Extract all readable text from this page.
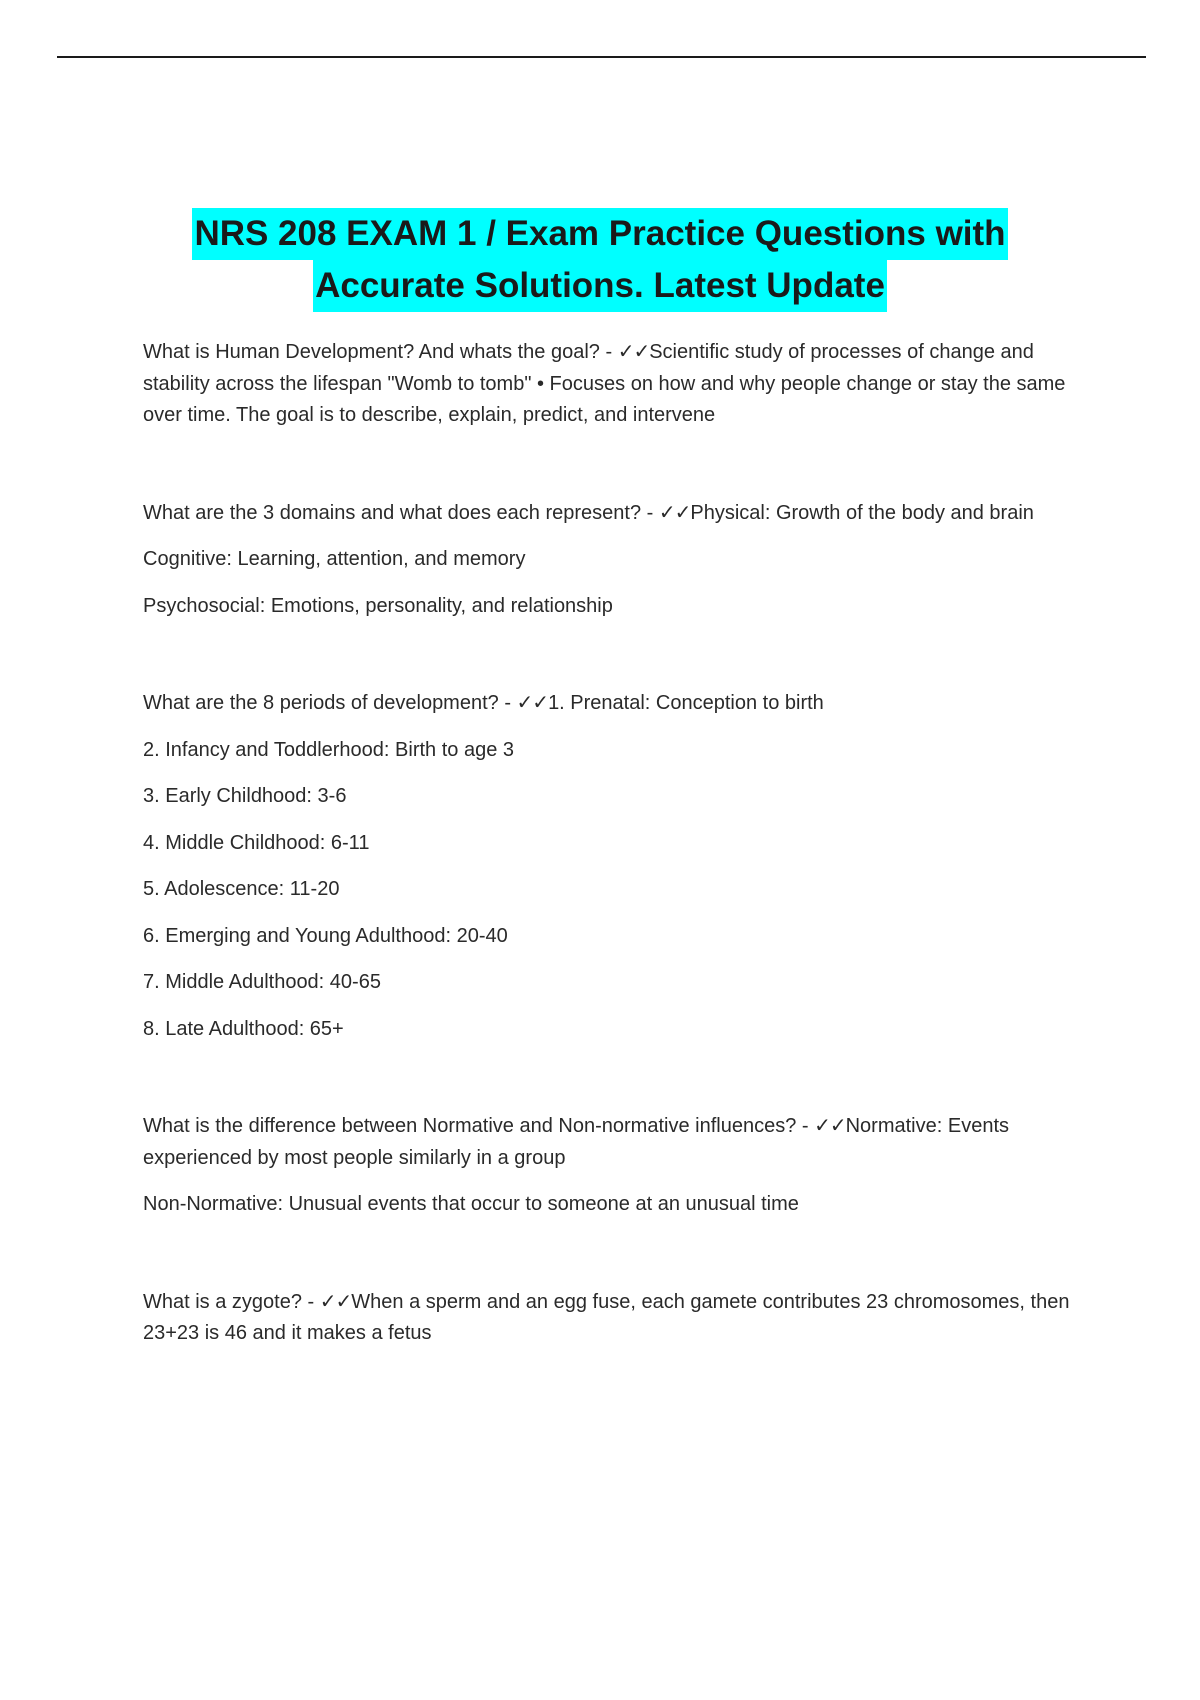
NRS 208 EXAM 1 / Exam Practice Questions with
Accurate Solutions. Latest Update

What is Human Development? And whats the goal? - ✓✓Scientific study of processes of change and stability across the lifespan "Womb to tomb" • Focuses on how and why people change or stay the same over time. The goal is to describe, explain, predict, and intervene

What are the 3 domains and what does each represent? - ✓✓Physical: Growth of the body and brain

Cognitive: Learning, attention, and memory

Psychosocial: Emotions, personality, and relationship

What are the 8 periods of development? - ✓✓1. Prenatal: Conception to birth

2. Infancy and Toddlerhood: Birth to age 3

3. Early Childhood: 3-6

4. Middle Childhood: 6-11

5. Adolescence: 11-20

6. Emerging and Young Adulthood: 20-40

7. Middle Adulthood: 40-65

8. Late Adulthood: 65+

What is the difference between Normative and Non-normative influences? - ✓✓Normative: Events experienced by most people similarly in a group

Non-Normative: Unusual events that occur to someone at an unusual time

What is a zygote? - ✓✓When a sperm and an egg fuse, each gamete contributes 23 chromosomes, then 23+23 is 46 and it makes a fetus
